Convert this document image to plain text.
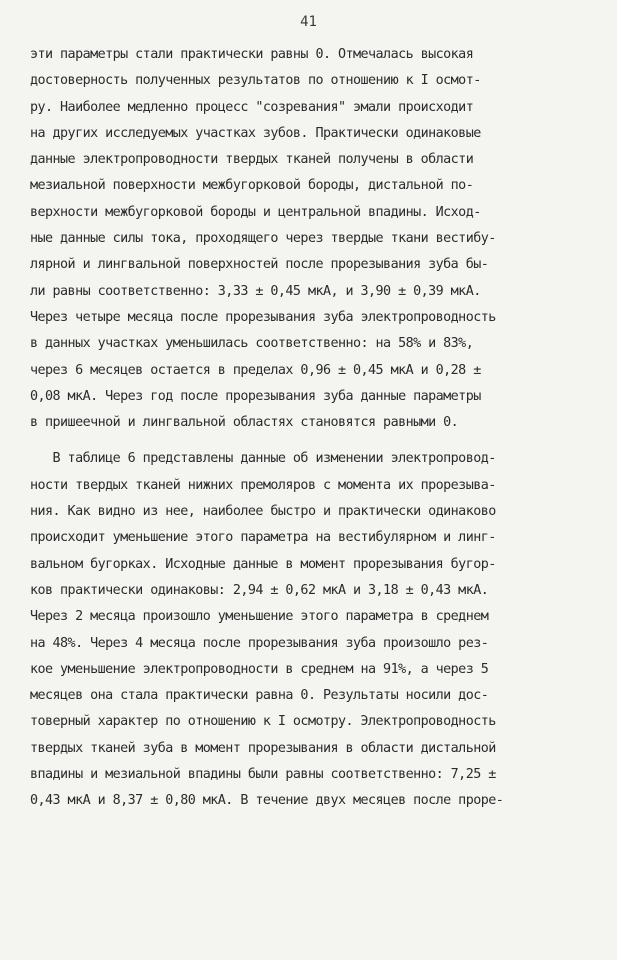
41
эти параметры стали практически равны 0. Отмечалась высокая
достоверность полученных результатов по отношению к I осмот-
ру. Наиболее медленно процесс "созревания" эмали происходит
на других исследуемых участках зубов. Практически одинаковые
данные электропроводности твердых тканей получены в области
мезиальной поверхности межбугорковой бороды, дистальной по-
верхности межбугорковой бороды и центральной впадины. Исход-
ные данные силы тока, проходящего через твердые ткани вестибу-
лярной и лингвальной поверхностей после прорезывания зуба бы-
ли равны соответственно: 3,33 ± 0,45 мкА, и 3,90 ± 0,39 мкА.
Через четыре месяца после прорезывания зуба электропроводность
в данных участках уменьшилась соответственно: на 58% и 83%,
через 6 месяцев остается в пределах 0,96 ± 0,45 мкА и 0,28 ±
0,08 мкА. Через год после прорезывания зуба данные параметры
в пришеечной и лингвальной областях становятся равными 0.
В таблице 6 представлены данные об изменении электропровод-
ности твердых тканей нижних премоляров с момента их прорезыва-
ния. Как видно из нее, наиболее быстро и практически одинаково
происходит уменьшение этого параметра на вестибулярном и линг-
вальном бугорках. Исходные данные в момент прорезывания бугор-
ков практически одинаковы: 2,94 ± 0,62 мкА и 3,18 ± 0,43 мкА.
Через 2 месяца произошло уменьшение этого параметра в среднем
на 48%. Через 4 месяца после прорезывания зуба произошло рез-
кое уменьшение электропроводности в среднем на 91%, а через 5
месяцев она стала практически равна 0. Результаты носили дос-
товерный характер по отношению к I осмотру. Электропроводность
твердых тканей зуба в момент прорезывания в области дистальной
впадины и мезиальной впадины были равны соответственно: 7,25 ±
0,43 мкА и 8,37 ± 0,80 мкА. В течение двух месяцев после проре-
